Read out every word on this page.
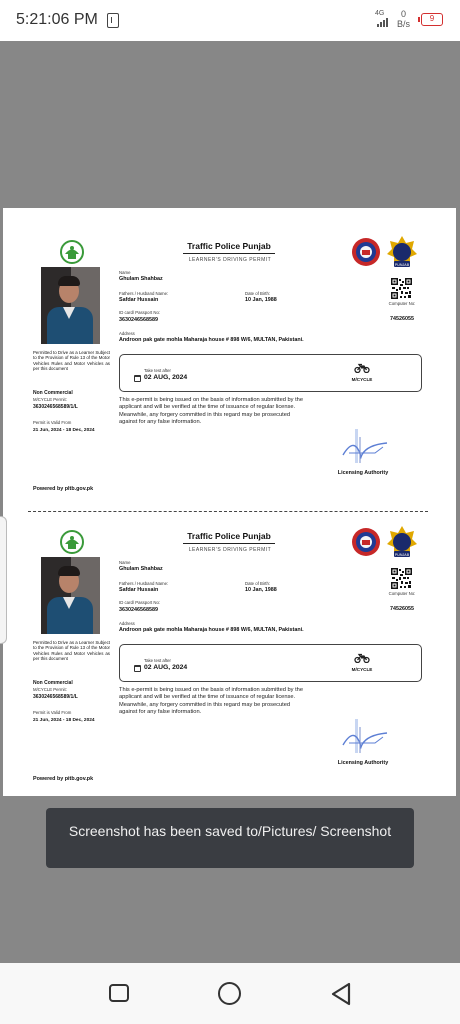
5:21:06 PM	4G	0
B/s
9
Traffic Police Punjab
LEARNER'S DRIVING PERMIT
PUNJAB
Name
Ghulam Shahbaz
Fathers / Husband Name:
Safdar Hussain
Date of Birth:
10 Jan, 1988
ID card/ Passport No:
3630246568589
Address
Androon pak gate mohla Maharaja house # 898 W/6, MULTAN, Pakistani.
Computer No:
74526055
Permitted to Drive as a Learner Subject to the Provision of Rule 13 of the Motor Vehicles Rules and Motor Vehicles as per this document
Non Commercial
M/CYCLE Permit:
3630246568589/1/L
Permit is Valid From
21 Jun, 2024 - 18 Dec, 2024
Take test after
02 AUG, 2024	M/CYCLE
This e-permit is being issued on the basis of information submitted by the applicant and will be verified at the time of issuance of regular license. Meanwhile, any forgery committed in this regard may be prosecuted against for any false information.
Licensing Authority
Powered by pltb.gov.pk
Traffic Police Punjab
LEARNER'S DRIVING PERMIT
PUNJAB
Name
Ghulam Shahbaz
Fathers / Husband Name:
Safdar Hussain
Date of Birth:
10 Jan, 1988
ID card/ Passport No:
3630246568589
Address
Androon pak gate mohla Maharaja house # 898 W/6, MULTAN, Pakistani.
Computer No:
74526055
Permitted to Drive as a Learner Subject to the Provision of Rule 13 of the Motor Vehicles Rules and Motor Vehicles as per this document
Non Commercial
M/CYCLE Permit:
3630246568589/1/L
Permit is Valid From
21 Jun, 2024 - 18 Dec, 2024
Take test after
02 AUG, 2024	M/CYCLE
This e-permit is being issued on the basis of information submitted by the applicant and will be verified at the time of issuance of regular license. Meanwhile, any forgery committed in this regard may be prosecuted against for any false information.
Licensing Authority
Powered by pitb.gov.pk
Screenshot has been saved to/Pictures/ Screenshot
